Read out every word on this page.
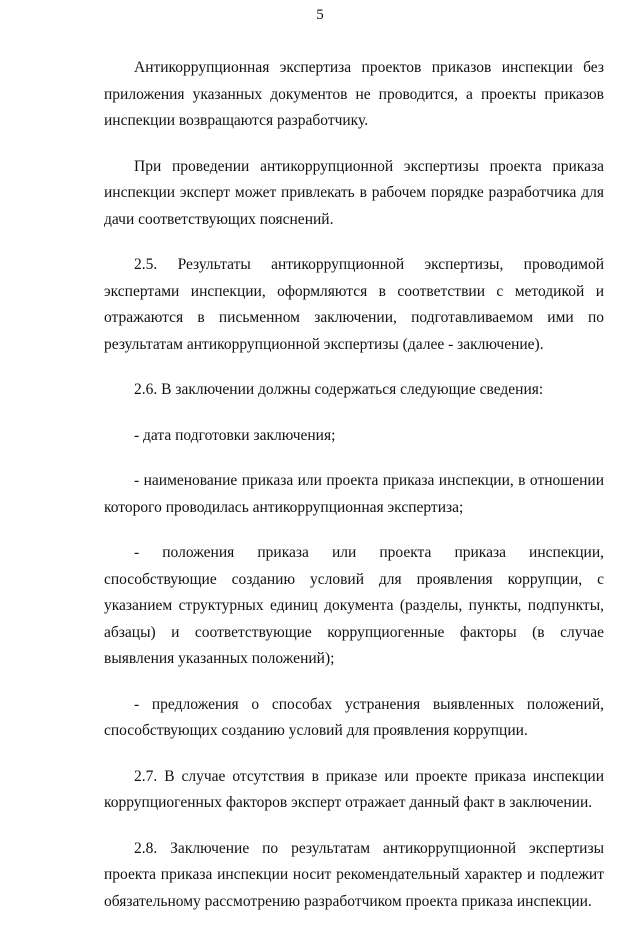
5

Антикоррупционная экспертиза проектов приказов инспекции без приложения указанных документов не проводится, а проекты приказов инспекции возвращаются разработчику.

При проведении антикоррупционной экспертизы проекта приказа инспекции эксперт может привлекать в рабочем порядке разработчика для дачи соответствующих пояснений.

2.5. Результаты антикоррупционной экспертизы, проводимой экспертами инспекции, оформляются в соответствии с методикой и отражаются в письменном заключении, подготавливаемом ими по результатам антикоррупционной экспертизы (далее - заключение).

2.6. В заключении должны содержаться следующие сведения:

- дата подготовки заключения;

- наименование приказа или проекта приказа инспекции, в отношении которого проводилась антикоррупционная экспертиза;

- положения приказа или проекта приказа инспекции, способствующие созданию условий для проявления коррупции, с указанием структурных единиц документа (разделы, пункты, подпункты, абзацы) и соответствующие коррупциогенные факторы (в случае выявления указанных положений);

- предложения о способах устранения выявленных положений, способствующих созданию условий для проявления коррупции.

2.7. В случае отсутствия в приказе или проекте приказа инспекции коррупциогенных факторов эксперт отражает данный факт в заключении.

2.8. Заключение по результатам антикоррупционной экспертизы проекта приказа инспекции носит рекомендательный характер и подлежит обязательному рассмотрению разработчиком проекта приказа инспекции.
